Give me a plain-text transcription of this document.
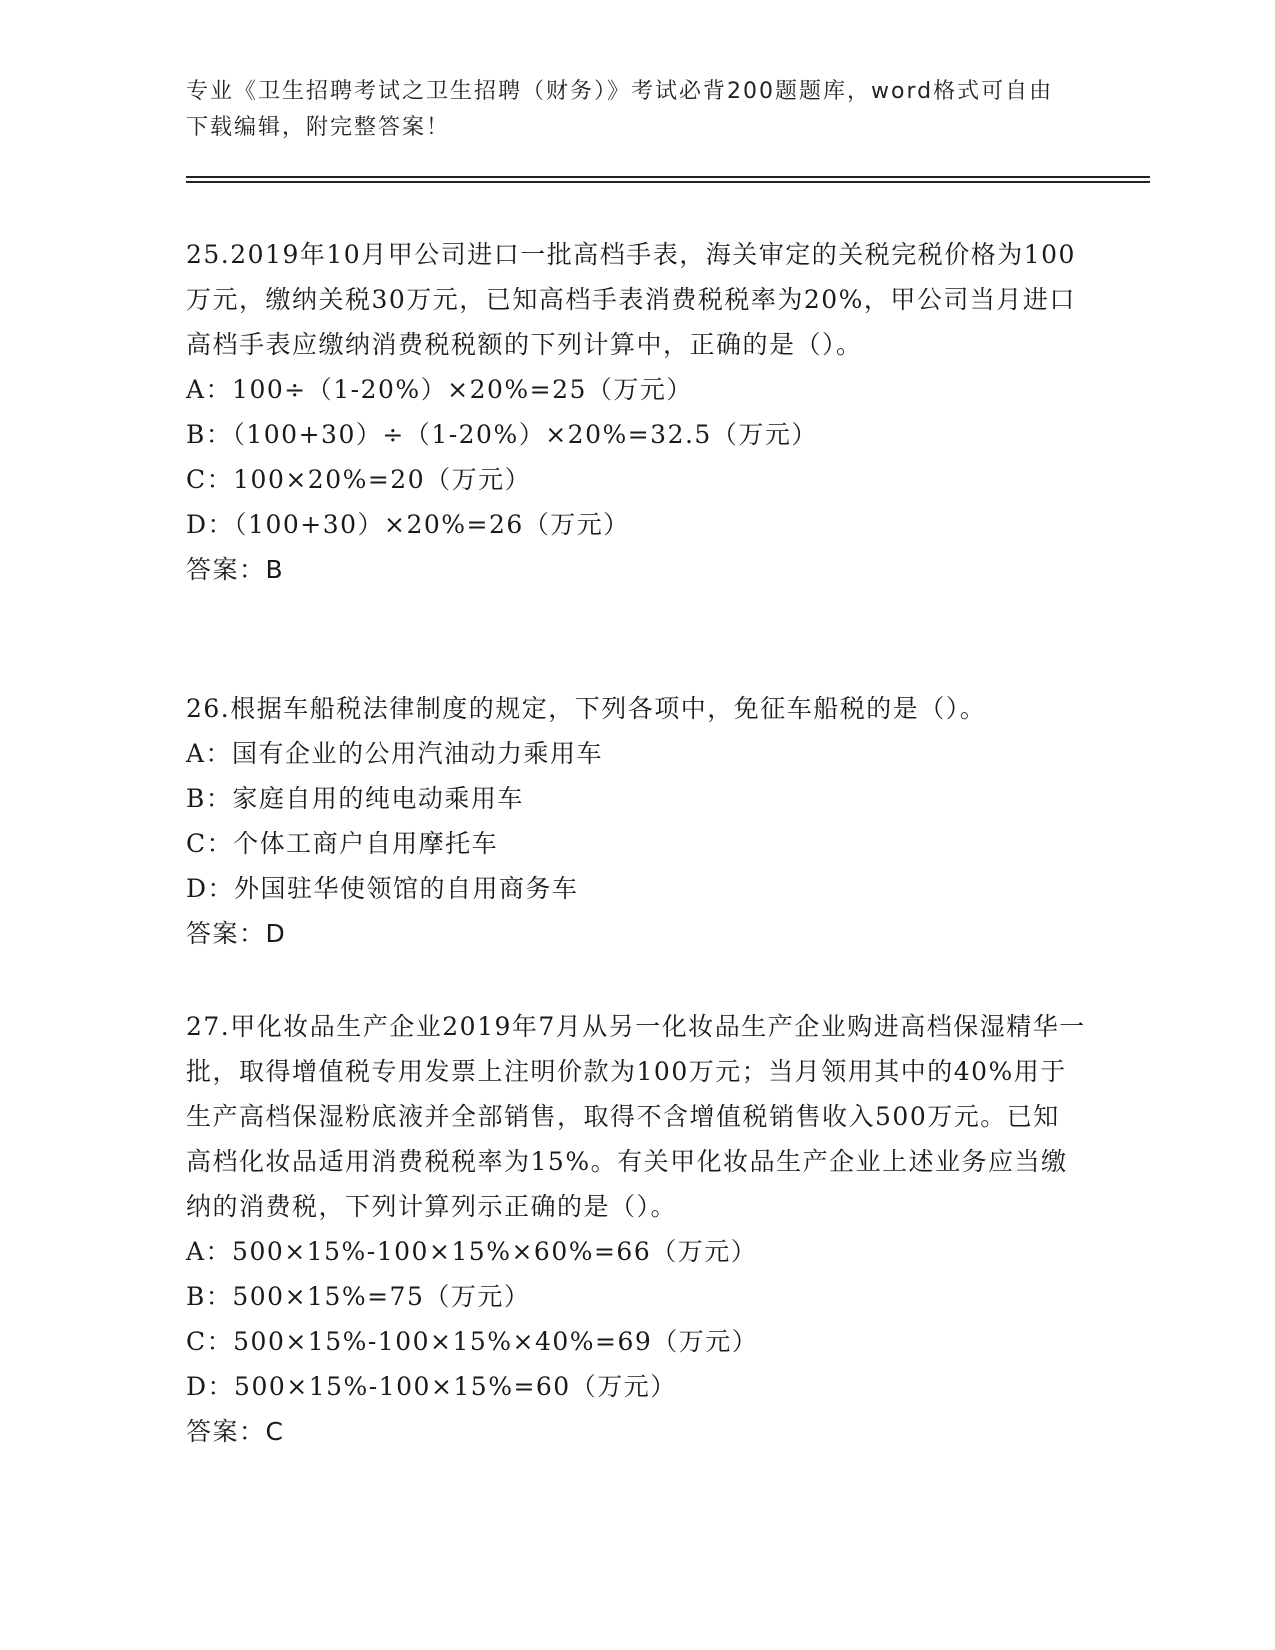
专业《卫生招聘考试之卫生招聘（财务）》考试必背200题题库，word格式可自由下载编辑，附完整答案！

25.2019年10月甲公司进口一批高档手表，海关审定的关税完税价格为100万元，缴纳关税30万元，已知高档手表消费税税率为20%，甲公司当月进口高档手表应缴纳消费税税额的下列计算中，正确的是（）。

A：100÷（1-20%）×20%=25（万元）

B：（100+30）÷（1-20%）×20%=32.5（万元）

C：100×20%=20（万元）

D：（100+30）×20%=26（万元）

答案：B

26.根据车船税法律制度的规定，下列各项中，免征车船税的是（）。

A：国有企业的公用汽油动力乘用车

B：家庭自用的纯电动乘用车

C：个体工商户自用摩托车

D：外国驻华使领馆的自用商务车

答案：D

27.甲化妆品生产企业2019年7月从另一化妆品生产企业购进高档保湿精华一批，取得增值税专用发票上注明价款为100万元；当月领用其中的40%用于生产高档保湿粉底液并全部销售，取得不含增值税销售收入500万元。已知高档化妆品适用消费税税率为15%。有关甲化妆品生产企业上述业务应当缴纳的消费税，下列计算列示正确的是（）。

A：500×15%-100×15%×60%=66（万元）

B：500×15%=75（万元）

C：500×15%-100×15%×40%=69（万元）

D：500×15%-100×15%=60（万元）

答案：C
